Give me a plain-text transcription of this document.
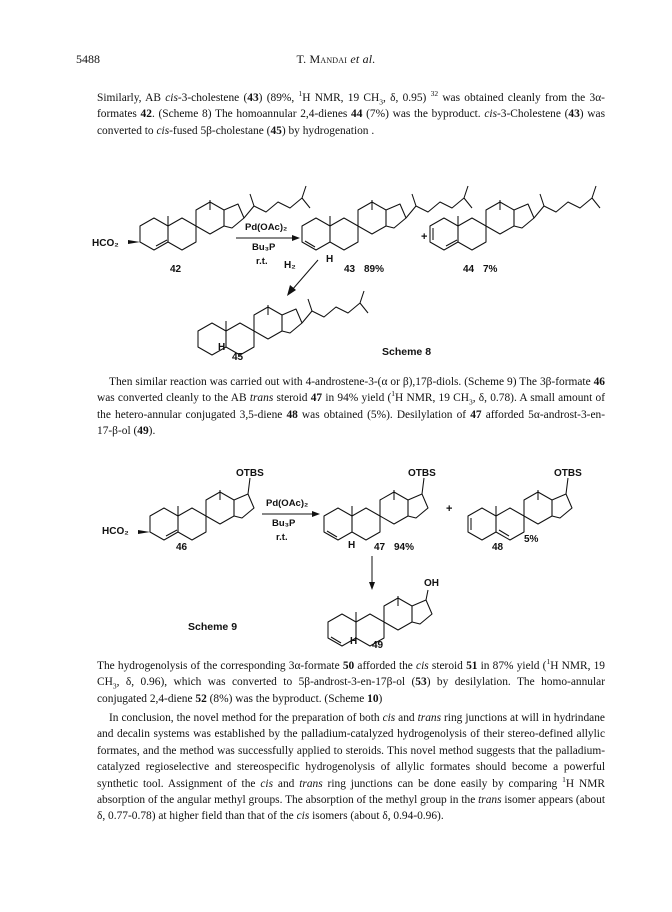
5488	T. Mandai et al.

Similarly, AB cis-3-cholestene (43) (89%, $^1$H NMR, 19 $CH_3$, δ, 0.95) $^{32}$ was obtained cleanly from the 3α-formates 42. (Scheme 8) The homoannular 2,4-dienes 44 (7%) was the byproduct. cis-3-Cholestene (43) was converted to cis-fused 5β-cholestane (45) by hydrogenation .

HCO₂
42
Pd(OAc)₂
Bu₃P
r.t.	H
43 89%
+
44 7%
H₂
H
45	Scheme 8

Then similar reaction was carried out with 4-androstene-3-(α or β),17β-diols. (Scheme 9) The 3β-formate 46 was converted cleanly to the AB trans steroid 47 in 94% yield ($^1$H NMR, 19 $CH_3$, δ, 0.78). A small amount of the hetero-annular conjugated 3,5-diene 48 was obtained (5%). Desilylation of 47 afforded 5α-androst-3-en-17-β-ol (49).

OTBS
HCO₂
46
Pd(OAc)₂
Bu₃P
r.t.
OTBS
H 47 94%
+
OTBS
48
5%
OH
H 49
Scheme 9

The hydrogenolysis of the corresponding 3α-formate 50 afforded the cis steroid 51 in 87% yield ($^1$H NMR, 19 $CH_3$, δ, 0.96), which was converted to 5β-androst-3-en-17β-ol (53) by desilylation. The homo-annular conjugated 2,4-diene 52 (8%) was the byproduct. (Scheme 10)

In conclusion, the novel method for the preparation of both cis and trans ring junctions at will in hydrindane and decalin systems was established by the palladium-catalyzed hydrogenolysis of their stereo-defined allylic formates, and the method was successfully applied to steroids. This novel method suggests that the palladium-catalyzed regioselective and stereospecific hydrogenolysis of allylic formates should become a powerful synthetic tool. Assignment of the cis and trans ring junctions can be done easily by comparing $^1$H NMR absorption of the angular methyl groups. The absorption of the methyl group in the trans isomer appears (about δ, 0.77-0.78) at higher field than that of the cis isomers (about δ, 0.94-0.96).
